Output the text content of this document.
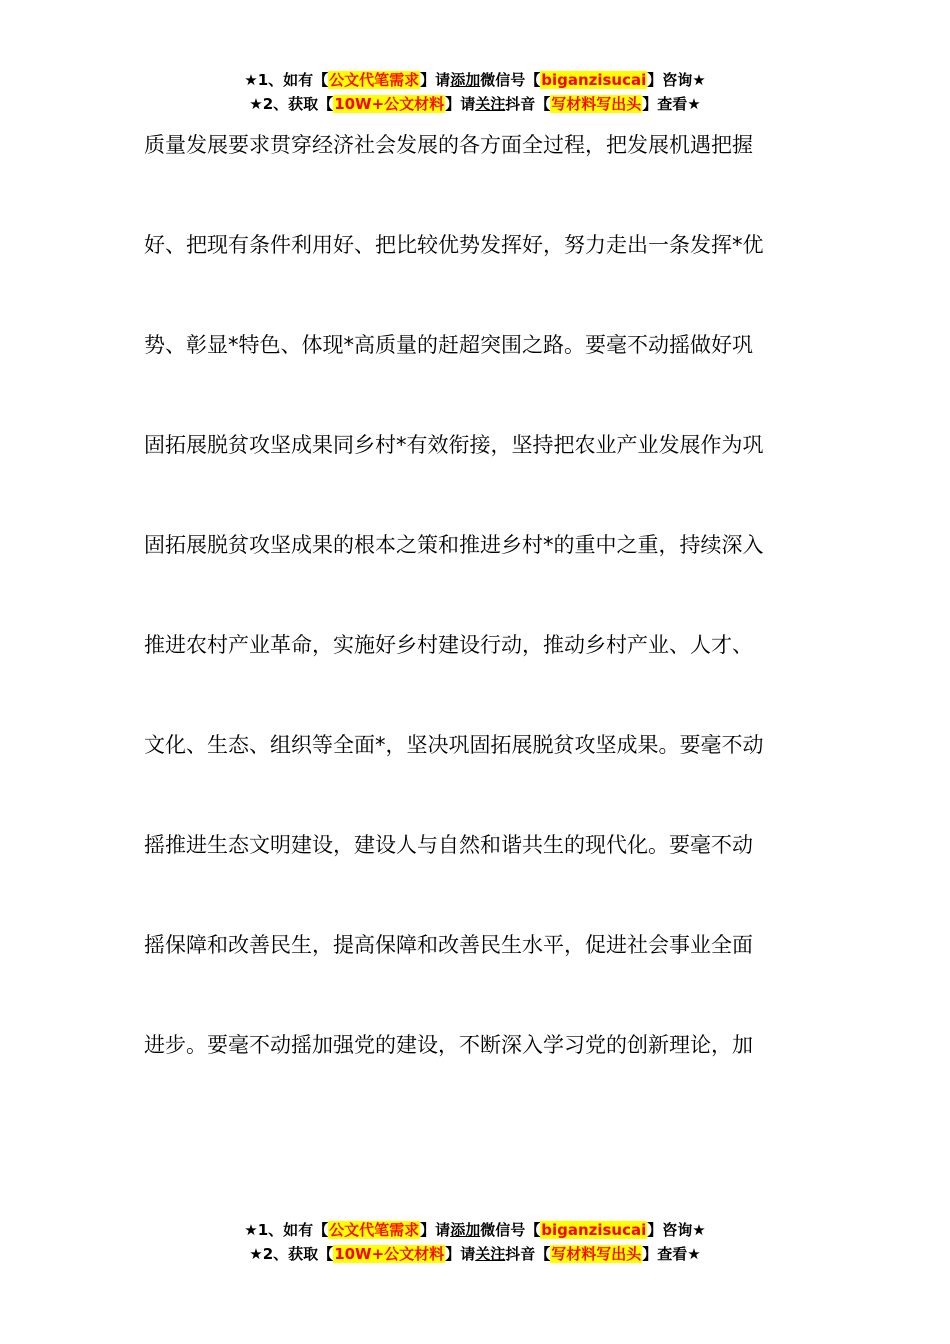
★1、如有【公文代笔需求】请添加微信号【biganzisucai】咨询★
★2、获取【10W+公文材料】请关注抖音【写材料写出头】查看★
质量发展要求贯穿经济社会发展的各方面全过程，把发展机遇把握
好、把现有条件利用好、把比较优势发挥好，努力走出一条发挥*优
势、彰显*特色、体现*高质量的赶超突围之路。要毫不动摇做好巩
固拓展脱贫攻坚成果同乡村*有效衔接，坚持把农业产业发展作为巩
固拓展脱贫攻坚成果的根本之策和推进乡村*的重中之重，持续深入
推进农村产业革命，实施好乡村建设行动，推动乡村产业、人才、
文化、生态、组织等全面*，坚决巩固拓展脱贫攻坚成果。要毫不动
摇推进生态文明建设，建设人与自然和谐共生的现代化。要毫不动
摇保障和改善民生，提高保障和改善民生水平，促进社会事业全面
进步。要毫不动摇加强党的建设，不断深入学习党的创新理论，加
★1、如有【公文代笔需求】请添加微信号【biganzisucai】咨询★
★2、获取【10W+公文材料】请关注抖音【写材料写出头】查看★
